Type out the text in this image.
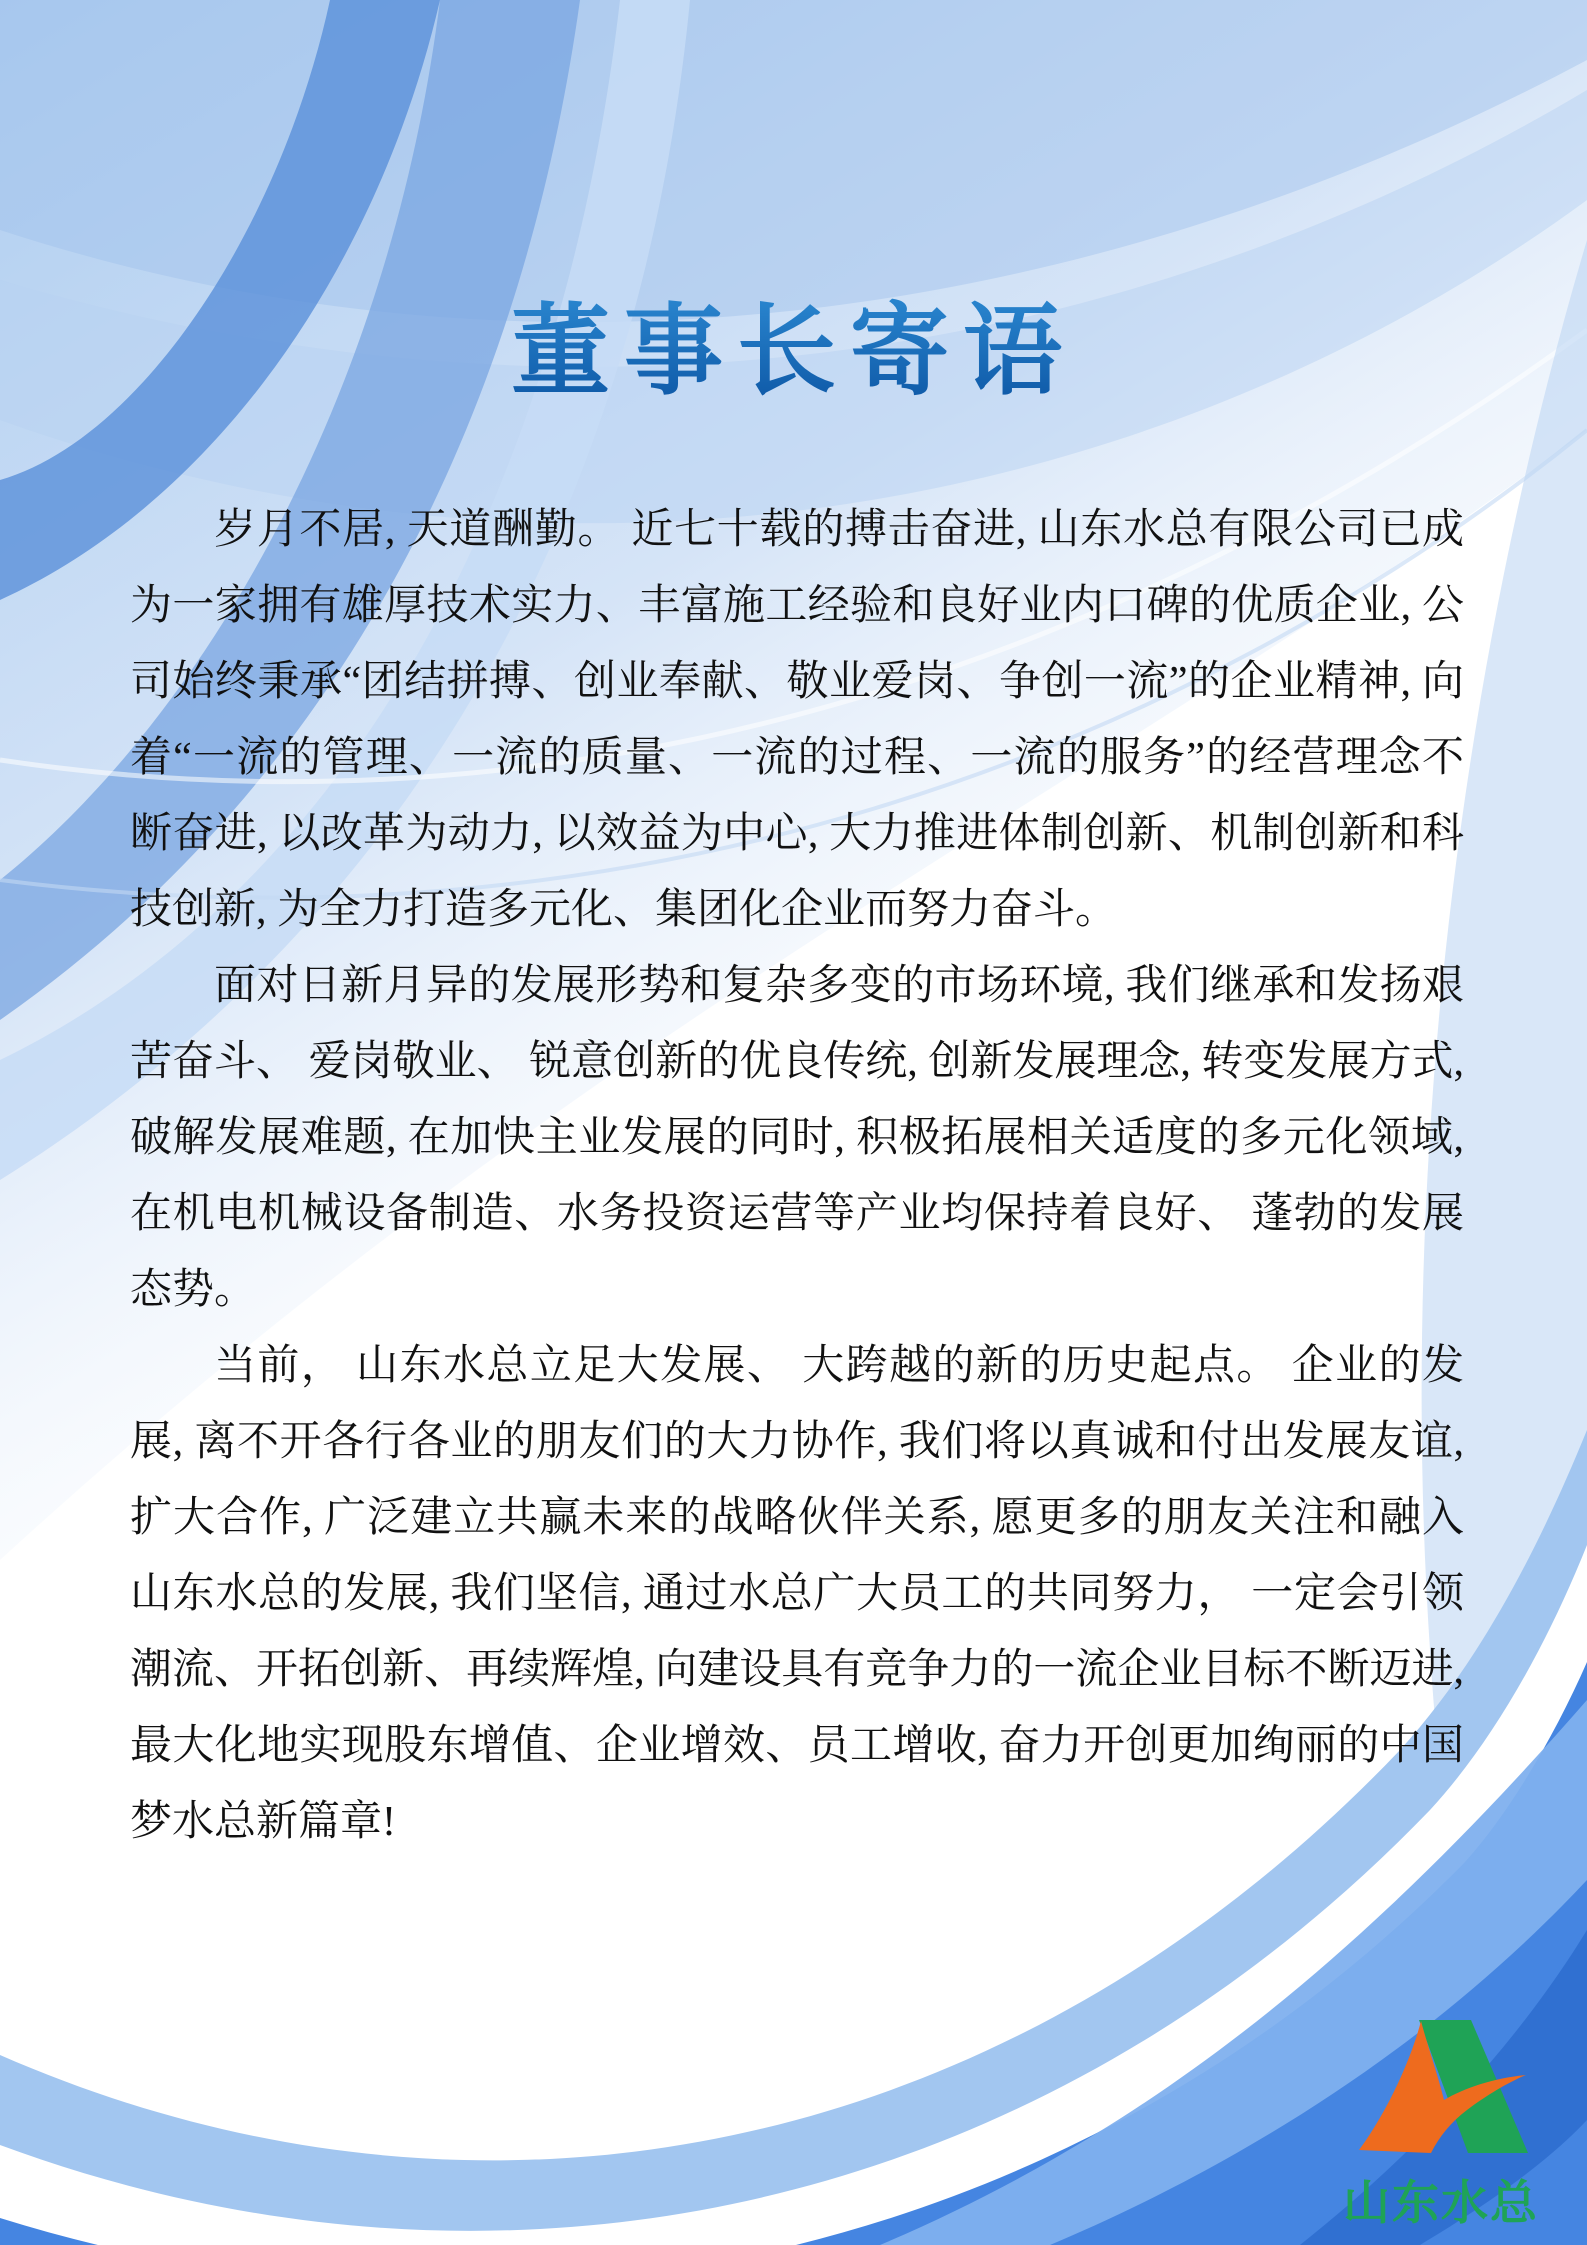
董事长寄语

岁月不居, 天道酬勤。 近七十载的搏击奋进, 山东水总有限公司已成为一家拥有雄厚技术实力、丰富施工经验和良好业内口碑的优质企业, 公司始终秉承“团结拼搏、创业奉献、敬业爱岗、争创一流”的企业精神, 向着“一流的管理、一流的质量、一流的过程、一流的服务”的经营理念不断奋进, 以改革为动力, 以效益为中心, 大力推进体制创新、机制创新和科技创新, 为全力打造多元化、集团化企业而努力奋斗。

面对日新月异的发展形势和复杂多变的市场环境, 我们继承和发扬艰苦奋斗、 爱岗敬业、 锐意创新的优良传统, 创新发展理念, 转变发展方式, 破解发展难题, 在加快主业发展的同时, 积极拓展相关适度的多元化领域, 在机电机械设备制造、水务投资运营等产业均保持着良好、 蓬勃的发展态势。

当前， 山东水总立足大发展、 大跨越的新的历史起点。 企业的发展, 离不开各行各业的朋友们的大力协作, 我们将以真诚和付出发展友谊, 扩大合作, 广泛建立共赢未来的战略伙伴关系, 愿更多的朋友关注和融入山东水总的发展, 我们坚信, 通过水总广大员工的共同努力， 一定会引领潮流、开拓创新、再续辉煌, 向建设具有竞争力的一流企业目标不断迈进, 最大化地实现股东增值、企业增效、员工增收, 奋力开创更加绚丽的中国梦水总新篇章!

山东水总
